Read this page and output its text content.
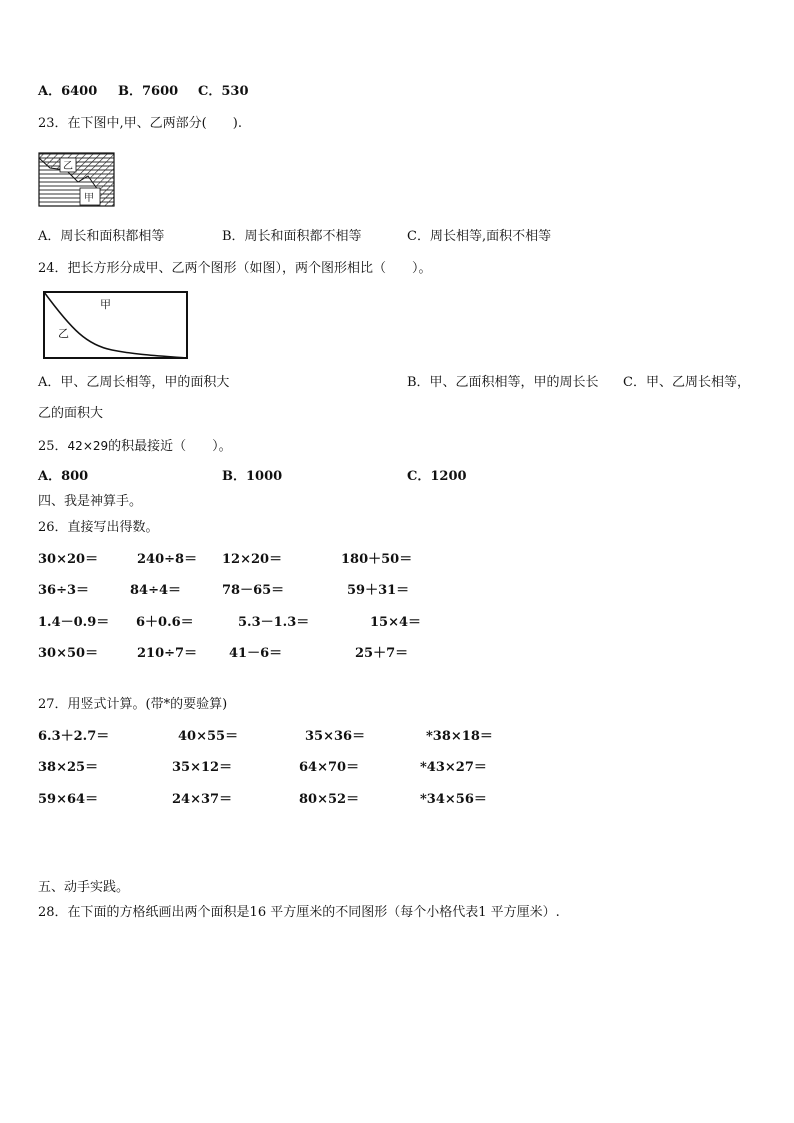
A．6400 B．7600 C．530
23．在下图中,甲、乙两部分(　　).
乙
甲
A．周长和面积都相等	B．周长和面积都不相等	C．周长相等,面积不相等
24．把长方形分成甲、乙两个图形（如图），两个图形相比（　　）。
甲
乙
A．甲、乙周长相等，甲的面积大	B．甲、乙面积相等，甲的周长长 C．甲、乙周长相等，
乙的面积大
25．42×29的积最接近（　　）。
A．800	B．1000	C．1200
四、我是神算手。
26．直接写出得数。
30×20＝	240÷8＝ 12×20＝	180＋50＝
36÷3＝	84÷4＝	78－65＝	59＋31＝
1.4－0.9＝ 6＋0.6＝	5.3－1.3＝	15×4＝
30×50＝	210÷7＝ 41－6＝	25＋7＝
27．用竖式计算。(带*的要验算)
6.3＋2.7＝	40×55＝	35×36＝	*38×18＝
38×25＝	35×12＝	64×70＝	*43×27＝
59×64＝	24×37＝	80×52＝	*34×56＝
五、动手实践。
28．在下面的方格纸画出两个面积是16 平方厘米的不同图形（每个小格代表1 平方厘米）.
